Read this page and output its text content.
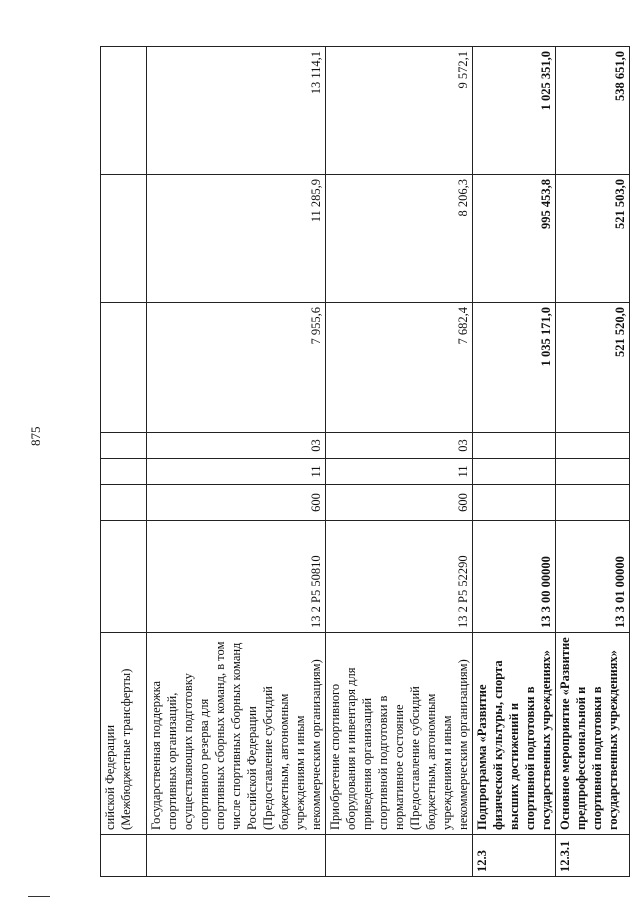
875
	сийской Федерации (Межбюджетные трансферты)							
	Государственная поддержка спортивных организаций, осуществляющих подготовку спортивного резерва для спортивных сборных команд, в том числе спортивных сборных команд Российской Федерации (Предоставление субсидий бюджетным, автономным учреждениям и иным некоммерческим организациям)	13 2 P5 50810	600	11	03	7 955,6	11 285,9	13 114,1
	Приобретение спортивного оборудования и инвентаря для приведения организаций спортивной подготовки в нормативное состояние (Предоставление субсидий бюджетным, автономным учреждениям и иным некоммерческим организациям)	13 2 P5 52290	600	11	03	7 682,4	8 206,3	9 572,1
12.3	Подпрограмма «Развитие физической культуры, спорта высших достижений и спортивной подготовки в государственных учреждениях»	13 3 00 00000				1 035 171,0	995 453,8	1 025 351,0
12.3.1	Основное мероприятие «Развитие предпрофессиональной и спортивной подготовки в государственных учреждениях»	13 3 01 00000				521 520,0	521 503,0	538 651,0
